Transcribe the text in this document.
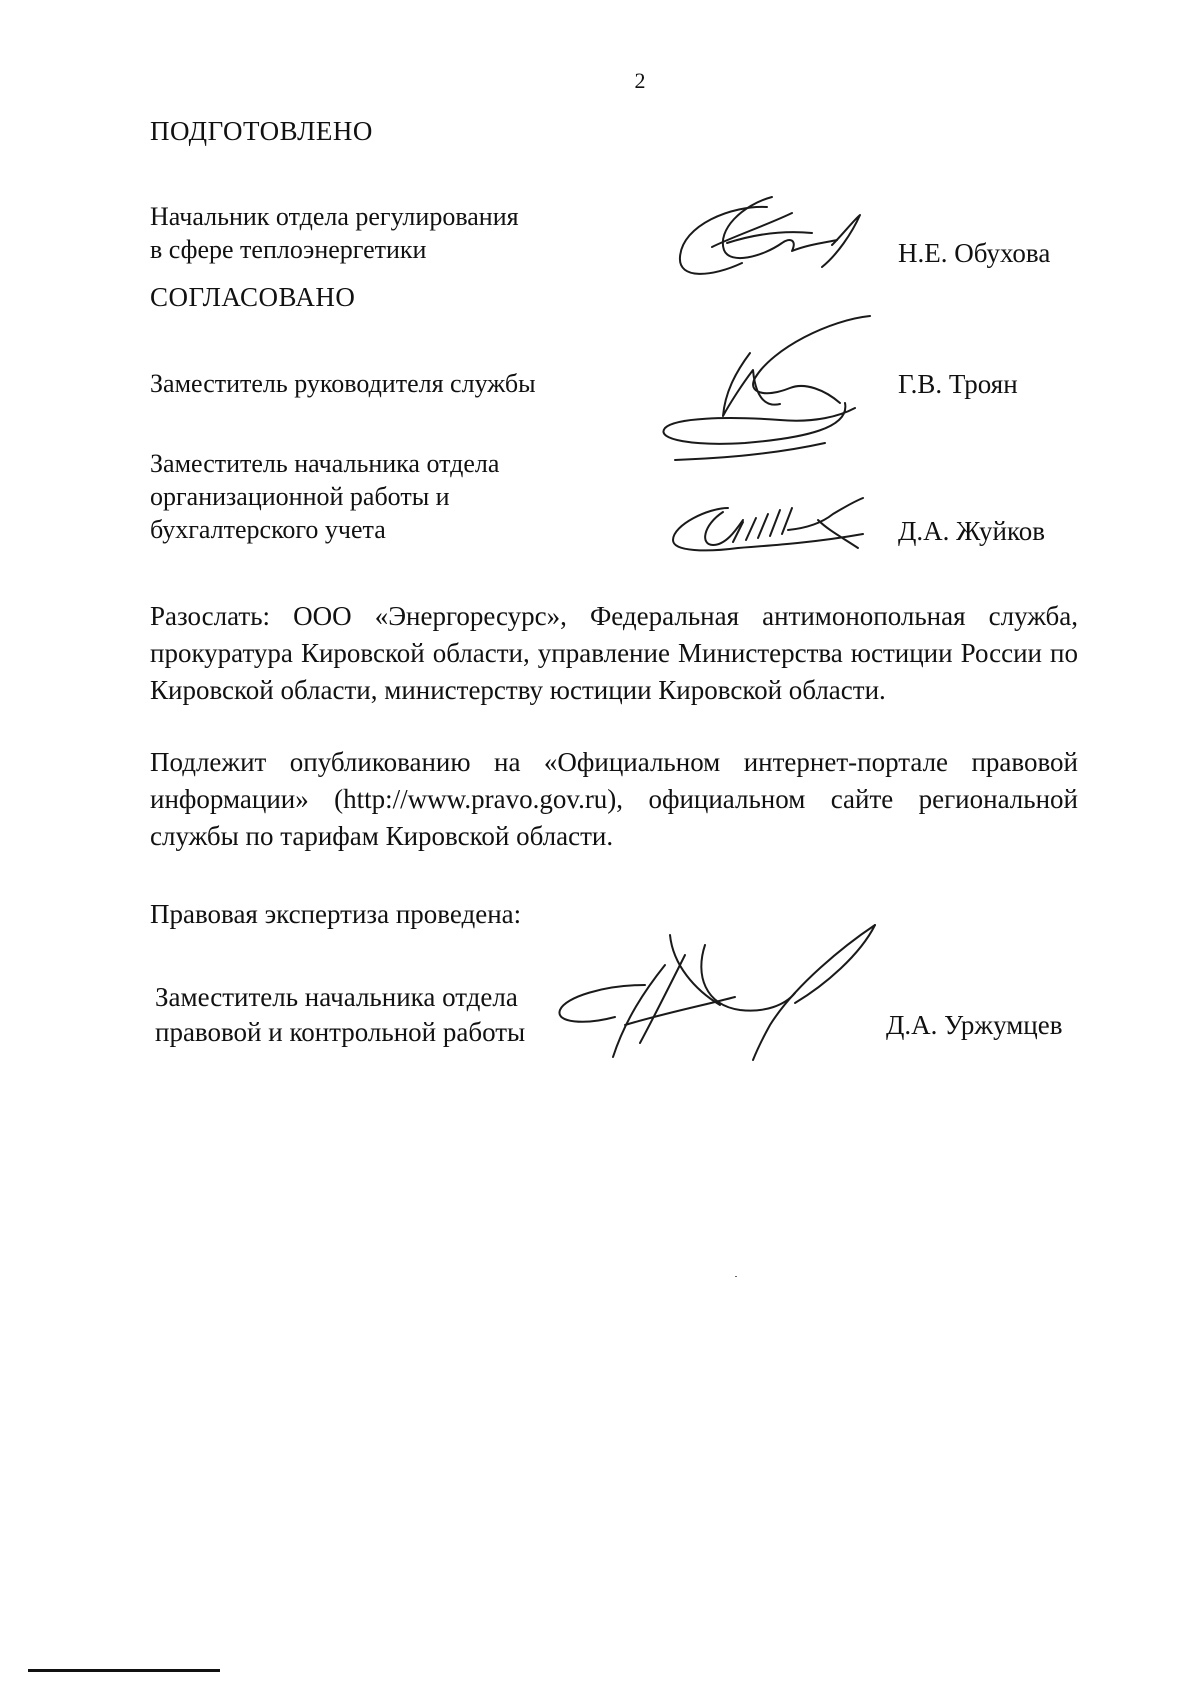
2
ПОДГОТОВЛЕНО
Начальник отдела регулирования
в сфере теплоэнергетики	Н.Е. Обухова
СОГЛАСОВАНО
Заместитель руководителя службы	Г.В. Троян
Заместитель начальника отдела
организационной работы и
бухгалтерского учета	Д.А. Жуйков
Разослать: ООО «Энергоресурс», Федеральная антимонопольная служба, прокуратура Кировской области, управление Министерства юстиции России по Кировской области, министерству юстиции Кировской области.
Подлежит опубликованию на «Официальном интернет-портале правовой информации» (http://www.pravo.gov.ru), официальном сайте региональной службы по тарифам Кировской области.
Правовая экспертиза проведена:
Заместитель начальника отдела
правовой и контрольной работы	Д.А. Уржумцев
